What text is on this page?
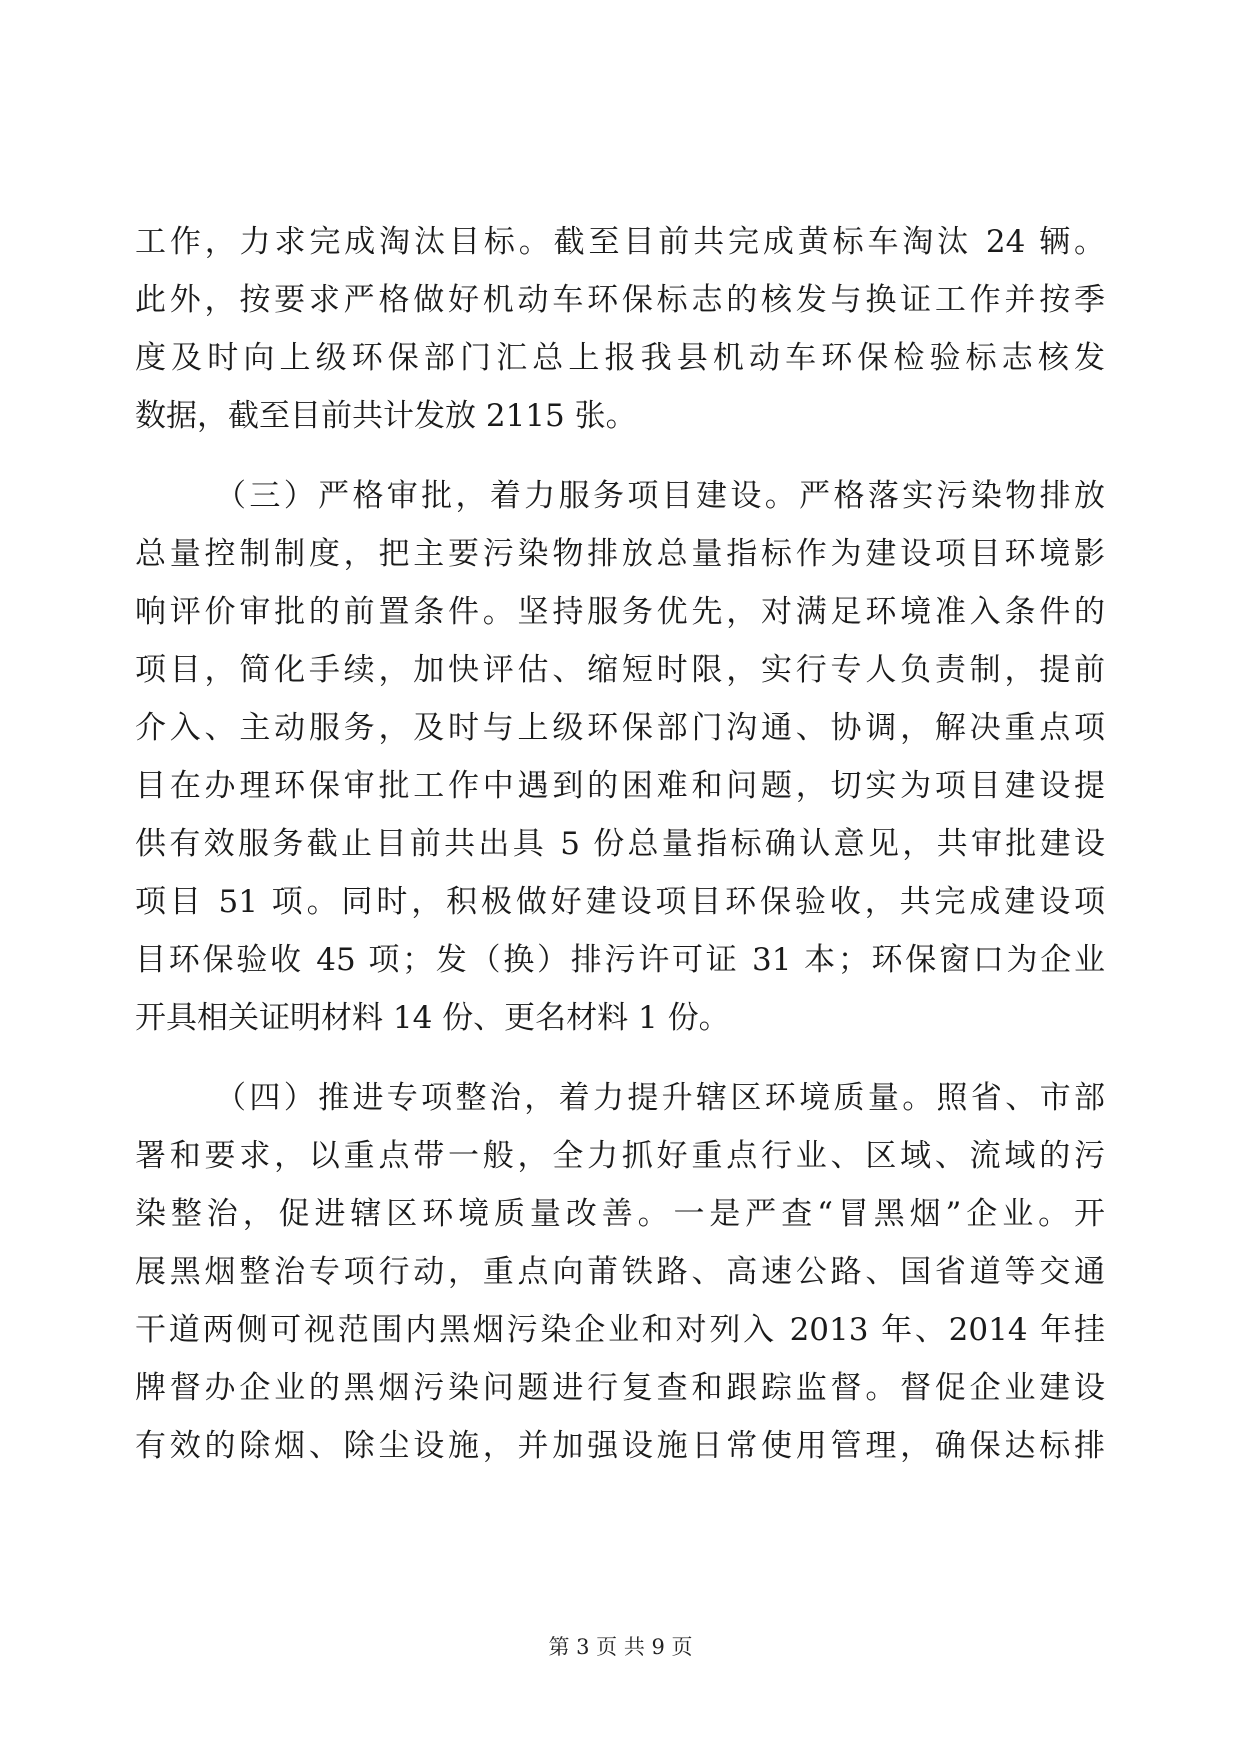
工作，力求完成淘汰目标。截至目前共完成黄标车淘汰 24 辆。
此外，按要求严格做好机动车环保标志的核发与换证工作并按季
度及时向上级环保部门汇总上报我县机动车环保检验标志核发
数据，截至目前共计发放 2115 张。
（三）严格审批，着力服务项目建设。严格落实污染物排放
总量控制制度，把主要污染物排放总量指标作为建设项目环境影
响评价审批的前置条件。坚持服务优先，对满足环境准入条件的
项目，简化手续，加快评估、缩短时限，实行专人负责制，提前
介入、主动服务，及时与上级环保部门沟通、协调，解决重点项
目在办理环保审批工作中遇到的困难和问题，切实为项目建设提
供有效服务截止目前共出具 5 份总量指标确认意见，共审批建设
项目 51 项。同时，积极做好建设项目环保验收，共完成建设项
目环保验收 45 项；发（换）排污许可证 31 本；环保窗口为企业
开具相关证明材料 14 份、更名材料 1 份。
（四）推进专项整治，着力提升辖区环境质量。照省、市部
署和要求，以重点带一般，全力抓好重点行业、区域、流域的污
染整治，促进辖区环境质量改善。一是严查“冒黑烟”企业。开
展黑烟整治专项行动，重点向莆铁路、高速公路、国省道等交通
干道两侧可视范围内黑烟污染企业和对列入 2013 年、2014 年挂
牌督办企业的黑烟污染问题进行复查和跟踪监督。督促企业建设
有效的除烟、除尘设施，并加强设施日常使用管理，确保达标排
第 3 页 共 9 页
